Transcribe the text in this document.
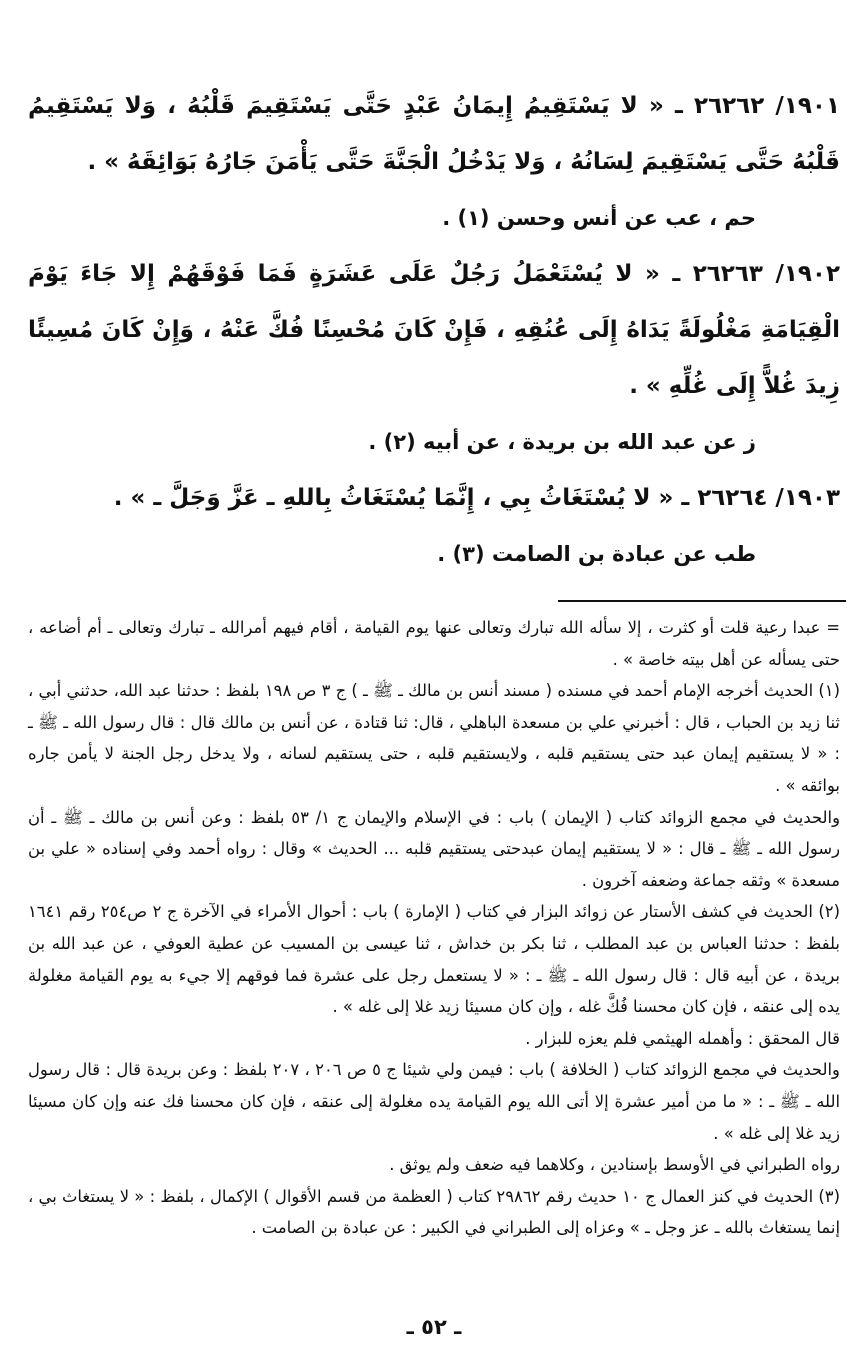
١٩٠١/ ٢٦٢٦٢ ـ « لا يَسْتَقِيمُ إِيمَانُ عَبْدٍ حَتَّى يَسْتَقِيمَ قَلْبُهُ ، وَلا يَسْتَقِيمُ قَلْبُهُ حَتَّى يَسْتَقِيمَ لِسَانُهُ ، وَلا يَدْخُلُ الْجَنَّةَ حَتَّى يَأْمَنَ جَارُهُ بَوَائِقَهُ » .

حم ، عب عن أنس وحسن (١) .

١٩٠٢/ ٢٦٢٦٣ ـ « لا يُسْتَعْمَلُ رَجُلٌ عَلَى عَشَرَةٍ فَمَا فَوْقَهُمْ إِلا جَاءَ يَوْمَ الْقِيَامَةِ مَغْلُولَةً يَدَاهُ إِلَى عُنُقِهِ ، فَإِنْ كَانَ مُحْسِنًا فُكَّ عَنْهُ ، وَإِنْ كَانَ مُسِيئًا زِيدَ غُلاًّ إِلَى غُلِّهِ » .

ز عن عبد الله بن بريدة ، عن أبيه (٢) .

١٩٠٣/ ٢٦٢٦٤ ـ « لا يُسْتَغَاثُ بِي ، إِنَّمَا يُسْتَغَاثُ بِاللهِ ـ عَزَّ وَجَلَّ ـ » .

طب عن عبادة بن الصامت (٣) .

= عبدا رعية قلت أو كثرت ، إلا سأله الله تبارك وتعالى عنها يوم القيامة ، أقام فيهم أمرالله ـ تبارك وتعالى ـ أم أضاعه ، حتى يسأله عن أهل بيته خاصة » .

(١) الحديث أخرجه الإمام أحمد في مسنده ( مسند أنس بن مالك ـ ﷺ ـ ) ج ٣ ص ١٩٨ بلفظ : حدثنا عبد الله، حدثني أبي ، ثنا زيد بن الحباب ، قال : أخبرني علي بن مسعدة الباهلي ، قال: ثنا قتادة ، عن أنس بن مالك قال : قال رسول الله ـ ﷺ ـ : « لا يستقيم إيمان عبد حتى يستقيم قلبه ، ولايستقيم قلبه ، حتى يستقيم لسانه ، ولا يدخل رجل الجنة لا يأمن جاره بوائقه » .

والحديث في مجمع الزوائد كتاب ( الإيمان ) باب : في الإسلام والإيمان ج ١/ ٥٣ بلفظ : وعن أنس بن مالك ـ ﷺ ـ أن رسول الله ـ ﷺ ـ قال : « لا يستقيم إيمان عبدحتى يستقيم قلبه ... الحديث » وقال : رواه أحمد وفي إسناده « علي بن مسعدة » وثقه جماعة وضعفه آخرون .

(٢) الحديث في كشف الأستار عن زوائد البزار في كتاب ( الإمارة ) باب : أحوال الأمراء في الآخرة ج ٢ ص٢٥٤ رقم ١٦٤١ بلفظ : حدثنا العباس بن عبد المطلب ، ثنا بكر بن خداش ، ثنا عيسى بن المسيب عن عطية العوفي ، عن عبد الله بن بريدة ، عن أبيه قال : قال رسول الله ـ ﷺ ـ : « لا يستعمل رجل على عشرة فما فوقهم إلا جيء به يوم القيامة مغلولة يده إلى عنقه ، فإن كان محسنا فُكَّ غله ، وإن كان مسيئا زيد غلا إلى غله » .

قال المحقق : وأهمله الهيثمي فلم يعزه للبزار .

والحديث في مجمع الزوائد كتاب ( الخلافة ) باب : فيمن ولي شيئا ج ٥ ص ٢٠٦ ، ٢٠٧ بلفظ : وعن بريدة قال : قال رسول الله ـ ﷺ ـ : « ما من أمير عشرة إلا أتى الله يوم القيامة يده مغلولة إلى عنقه ، فإن كان محسنا فك عنه وإن كان مسيئا زيد غلا إلى غله » .

رواه الطبراني في الأوسط بإسنادين ، وكلاهما فيه ضعف ولم يوثق .

(٣) الحديث في كنز العمال ج ١٠ حديث رقم ٢٩٨٦٢ كتاب ( العظمة من قسم الأقوال ) الإكمال ، بلفظ : « لا يستغاث بي ، إنما يستغاث بالله ـ عز وجل ـ » وعزاه إلى الطبراني في الكبير : عن عبادة بن الصامت .

ـ ٥٢ ـ
